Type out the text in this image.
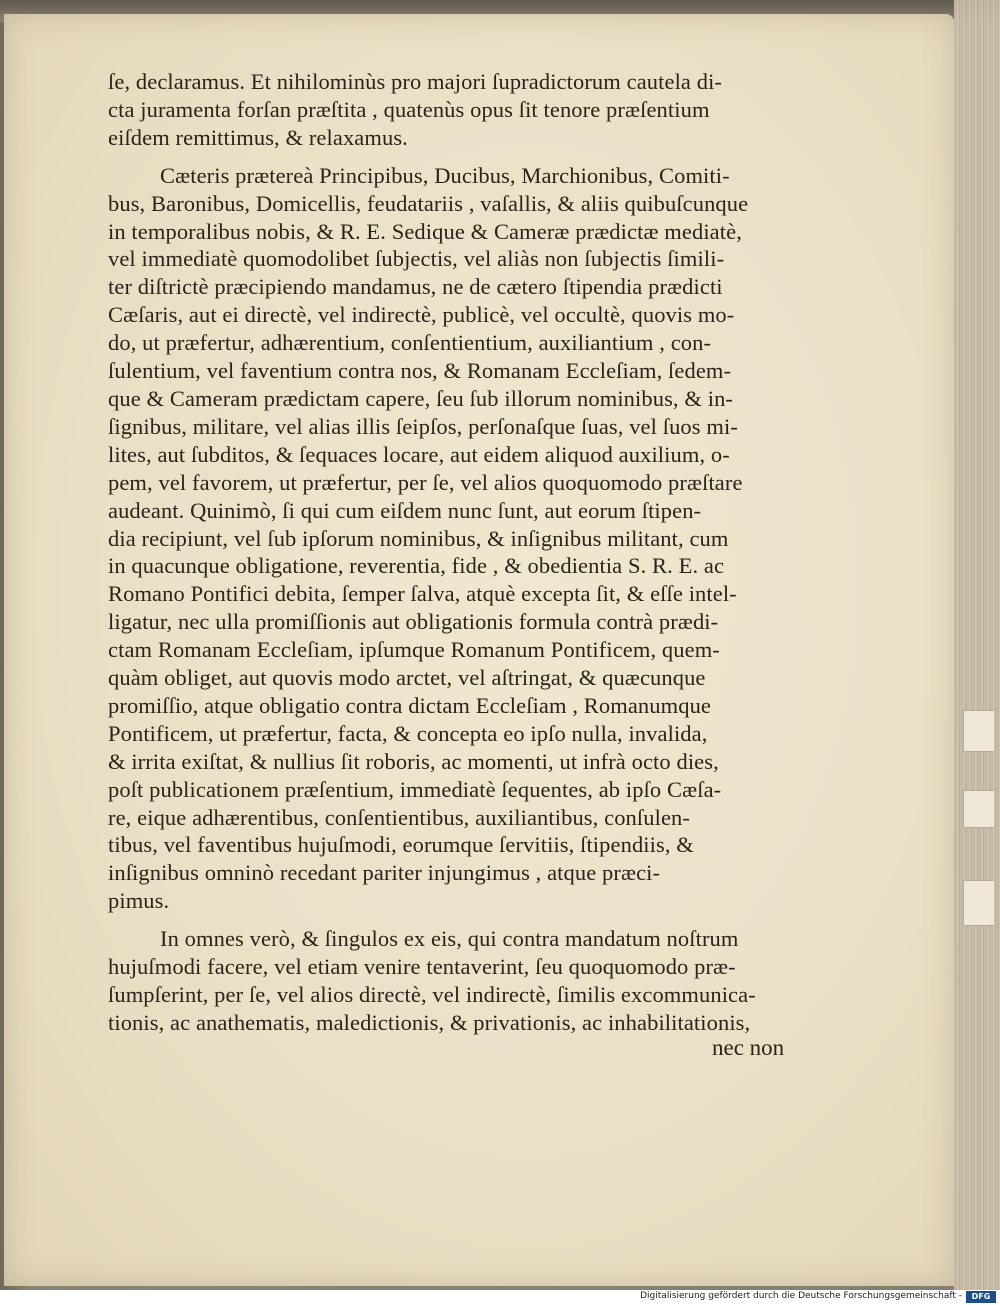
ſe, declaramus. Et nihilominùs pro majori ſupradictorum cautela di-
cta juramenta forſan præſtita , quatenùs opus ſit tenore præſentium
eiſdem remittimus, & relaxamus.
Cæteris prætereà Principibus, Ducibus, Marchionibus, Comiti-
bus, Baronibus, Domicellis, feudatariis , vaſallis, & aliis quibuſcunque
in temporalibus nobis, & R. E. Sedique & Cameræ prædictæ mediatè,
vel immediatè quomodolibet ſubjectis, vel aliàs non ſubjectis ſimili-
ter diſtrictè præcipiendo mandamus, ne de cætero ſtipendia prædicti
Cæſaris, aut ei directè, vel indirectè, publicè, vel occultè, quovis mo-
do, ut præfertur, adhærentium, conſentientium, auxiliantium , con-
ſulentium, vel faventium contra nos, & Romanam Eccleſiam, ſedem-
que & Cameram prædictam capere, ſeu ſub illorum nominibus, & in-
ſignibus, militare, vel alias illis ſeipſos, perſonaſque ſuas, vel ſuos mi-
lites, aut ſubditos, & ſequaces locare, aut eidem aliquod auxilium, o-
pem, vel favorem, ut præfertur, per ſe, vel alios quoquomodo præſtare
audeant. Quinimò, ſi qui cum eiſdem nunc ſunt, aut eorum ſtipen-
dia recipiunt, vel ſub ipſorum nominibus, & inſignibus militant, cum
in quacunque obligatione, reverentia, fide , & obedientia S. R. E. ac
Romano Pontifici debita, ſemper ſalva, atquè excepta ſit, & eſſe intel-
ligatur, nec ulla promiſſionis aut obligationis formula contrà prædi-
ctam Romanam Eccleſiam, ipſumque Romanum Pontificem, quem-
quàm obliget, aut quovis modo arctet, vel aſtringat, & quæcunque
promiſſio, atque obligatio contra dictam Eccleſiam , Romanumque
Pontificem, ut præfertur, facta, & concepta eo ipſo nulla, invalida,
& irrita exiſtat, & nullius ſit roboris, ac momenti, ut infrà octo dies,
poſt publicationem præſentium, immediatè ſequentes, ab ipſo Cæſa-
re, eique adhærentibus, conſentientibus, auxiliantibus, conſulen-
tibus, vel faventibus hujuſmodi, eorumque ſervitiis, ſtipendiis, &
inſignibus omninò recedant pariter injungimus , atque præci-
pimus.
In omnes verò, & ſingulos ex eis, qui contra mandatum noſtrum
hujuſmodi facere, vel etiam venire tentaverint, ſeu quoquomodo præ-
ſumpſerint, per ſe, vel alios directè, vel indirectè, ſimilis excommunica-
tionis, ac anathematis, maledictionis, & privationis, ac inhabilitationis,
nec non
Digitalisierung gefördert durch die Deutsche Forschungsgemeinschaft -	DFG
